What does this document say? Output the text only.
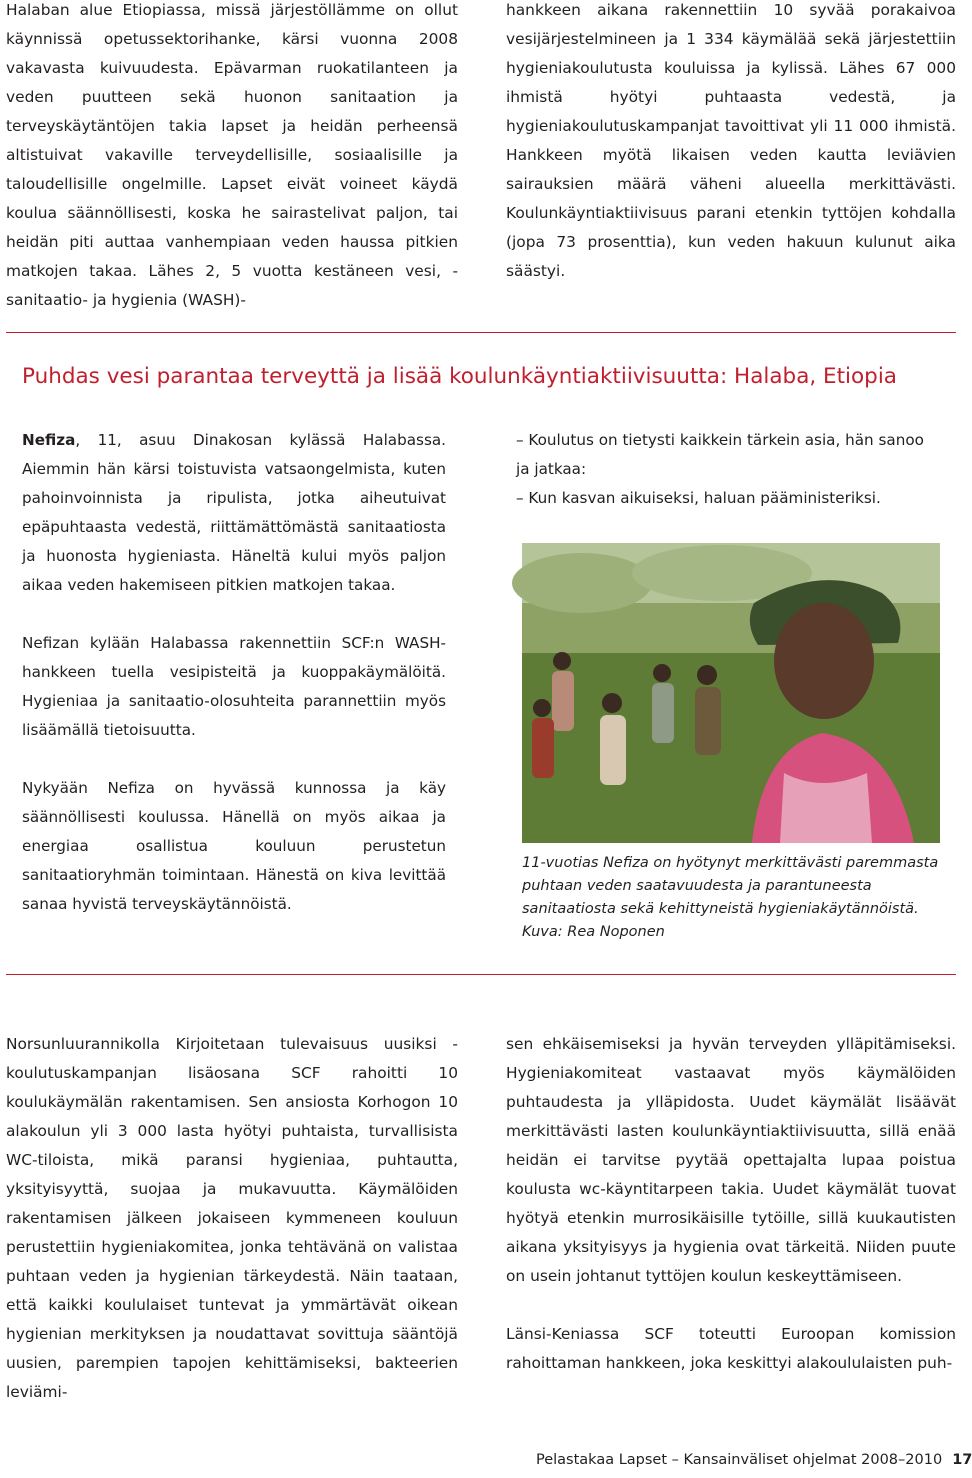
Halaban alue Etiopiassa, missä järjestöllämme on ollut käynnissä opetussektorihanke, kärsi vuonna 2008 vakavasta kuivuudesta. Epävarman ruokatilanteen ja veden puutteen sekä huonon sanitaation ja terveyskäytäntöjen takia lapset ja heidän perheensä altistuivat vakaville terveydellisille, sosiaalisille ja taloudellisille ongelmille. Lapset eivät voineet käydä koulua säännöllisesti, koska he sairastelivat paljon, tai heidän piti auttaa vanhempiaan veden haussa pitkien matkojen takaa. Lähes 2, 5 vuotta kestäneen vesi, - sanitaatio- ja hygienia (WASH)-

hankkeen aikana rakennettiin 10 syvää porakaivoa vesijärjestelmineen ja 1 334 käymälää sekä järjestettiin hygieniakoulutusta kouluissa ja kylissä. Lähes 67 000 ihmistä hyötyi puhtaasta vedestä, ja hygieniakoulutuskampanjat tavoittivat yli 11 000 ihmistä. Hankkeen myötä likaisen veden kautta leviävien sairauksien määrä väheni alueella merkittävästi. Koulunkäyntiaktiivisuus parani etenkin tyttöjen kohdalla (jopa 73 prosenttia), kun veden hakuun kulunut aika säästyi.

Puhdas vesi parantaa terveyttä ja lisää koulunkäyntiaktiivisuutta: Halaba, Etiopia

Nefiza, 11, asuu Dinakosan kylässä Halabassa. Aiemmin hän kärsi toistuvista vatsaongelmista, kuten pahoinvoinnista ja ripulista, jotka aiheutuivat epäpuhtaasta vedestä, riittämättömästä sanitaatiosta ja huonosta hygieniasta. Häneltä kului myös paljon aikaa veden hakemiseen pitkien matkojen takaa.

Nefizan kylään Halabassa rakennettiin SCF:n WASH-hankkeen tuella vesipisteitä ja kuoppakäymälöitä. Hygieniaa ja sanitaatio-olosuhteita parannettiin myös lisäämällä tietoisuutta.

Nykyään Nefiza on hyvässä kunnossa ja käy säännöllisesti koulussa. Hänellä on myös aikaa ja energiaa osallistua kouluun perustetun sanitaatioryhmän toimintaan. Hänestä on kiva levittää sanaa hyvistä terveyskäytännöistä.

– Koulutus on tietysti kaikkein tärkein asia, hän sanoo ja jatkaa:

– Kun kasvan aikuiseksi, haluan pääministeriksi.

11-vuotias Nefiza on hyötynyt merkittävästi paremmasta puhtaan veden saatavuudesta ja parantuneesta sanitaatiosta sekä kehittyneistä hygieniakäytännöistä.

Kuva: Rea Noponen

Norsunluurannikolla Kirjoitetaan tulevaisuus uusiksi -koulutuskampanjan lisäosana SCF rahoitti 10 koulukäymälän rakentamisen. Sen ansiosta Korhogon 10 alakoulun yli 3 000 lasta hyötyi puhtaista, turvallisista WC-tiloista, mikä paransi hygieniaa, puhtautta, yksityisyyttä, suojaa ja mukavuutta. Käymälöiden rakentamisen jälkeen jokaiseen kymmeneen kouluun perustettiin hygieniakomitea, jonka tehtävänä on valistaa puhtaan veden ja hygienian tärkeydestä. Näin taataan, että kaikki koululaiset tuntevat ja ymmärtävät oikean hygienian merkityksen ja noudattavat sovittuja sääntöjä uusien, parempien tapojen kehittämiseksi, bakteerien leviämi-

sen ehkäisemiseksi ja hyvän terveyden ylläpitämiseksi. Hygieniakomiteat vastaavat myös käymälöiden puhtaudesta ja ylläpidosta. Uudet käymälät lisäävät merkittävästi lasten koulunkäyntiaktiivisuutta, sillä enää heidän ei tarvitse pyytää opettajalta lupaa poistua koulusta wc-käyntitarpeen takia. Uudet käymälät tuovat hyötyä etenkin murrosikäisille tytöille, sillä kuukautisten aikana yksityisyys ja hygienia ovat tärkeitä. Niiden puute on usein johtanut tyttöjen koulun keskeyttämiseen.

Länsi-Keniassa SCF toteutti Euroopan komission rahoittaman hankkeen, joka keskittyi alakoululaisten puh-

Pelastakaa Lapset – Kansainväliset ohjelmat 2008–2010 17
